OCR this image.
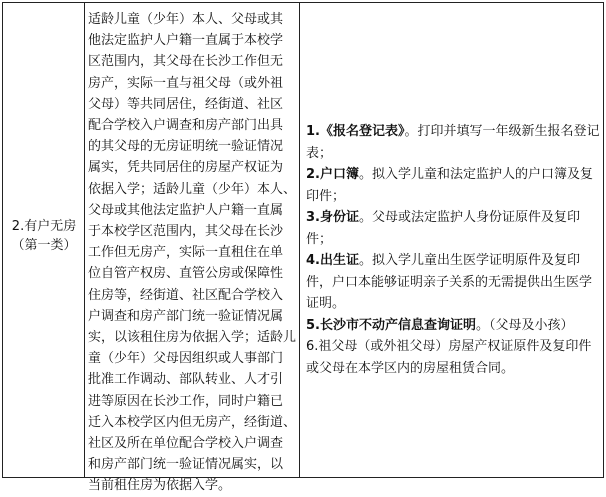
2.有户无房
（第一类）
适龄儿童（少年）本人、父母或其
他法定监护人户籍一直属于本校学
区范围内，其父母在长沙工作但无
房产，实际一直与祖父母（或外祖
父母）等共同居住，经街道、社区
配合学校入户调查和房产部门出具
的其父母的无房证明统一验证情况
属实，凭共同居住的房屋产权证为
依据入学；适龄儿童（少年）本人、
父母或其他法定监护人户籍一直属
于本校学区范围内，其父母在长沙
工作但无房产，实际一直租住在单
位自管产权房、直管公房或保障性
住房等，经街道、社区配合学校入
户调查和房产部门统一验证情况属
实，以该租住房为依据入学；适龄儿
童（少年）父母因组织或人事部门
批准工作调动、部队转业、人才引
进等原因在长沙工作，同时户籍已
迁入本校学区内但无房产，经街道、
社区及所在单位配合学校入户调查
和房产部门统一验证情况属实，以
当前租住房为依据入学。

1.《报名登记表》。打印并填写一年级新生报名登记表；

2.户口簿。拟入学儿童和法定监护人的户口簿及复印件；

3.身份证。父母或法定监护人身份证原件及复印件；

4.出生证。拟入学儿童出生医学证明原件及复印件，户口本能够证明亲子关系的无需提供出生医学证明。

5.长沙市不动产信息查询证明。（父母及小孩）

6.祖父母（或外祖父母）房屋产权证原件及复印件或父母在本学区内的房屋租赁合同。
